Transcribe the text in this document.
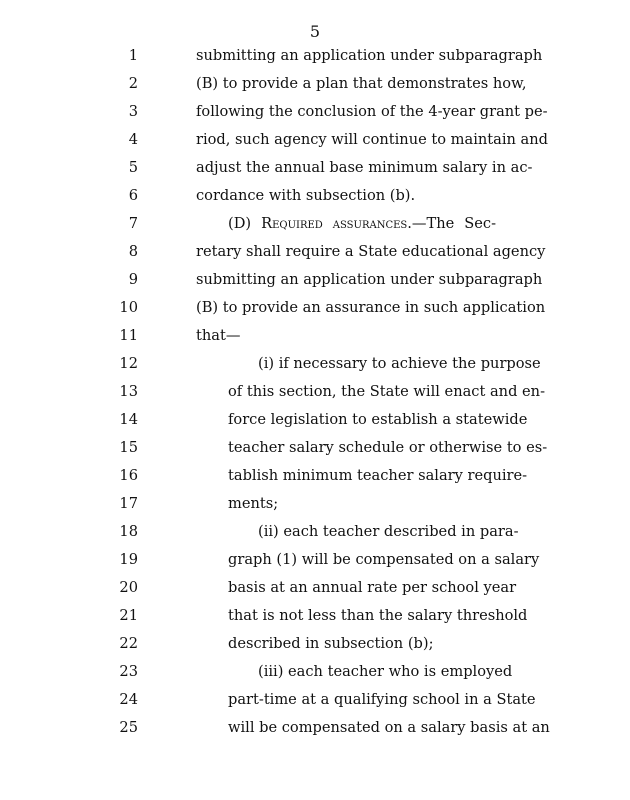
5
1	submitting an application under subparagraph
2	(B) to provide a plan that demonstrates how,
3	following the conclusion of the 4-year grant pe-
4	riod, such agency will continue to maintain and
5	adjust the annual base minimum salary in ac-
6	cordance with subsection (b).
7	(D) Required assurances.—The Sec-
8	retary shall require a State educational agency
9	submitting an application under subparagraph
10	(B) to provide an assurance in such application
11	that—
12	(i) if necessary to achieve the purpose
13	of this section, the State will enact and en-
14	force legislation to establish a statewide
15	teacher salary schedule or otherwise to es-
16	tablish minimum teacher salary require-
17	ments;
18	(ii) each teacher described in para-
19	graph (1) will be compensated on a salary
20	basis at an annual rate per school year
21	that is not less than the salary threshold
22	described in subsection (b);
23	(iii) each teacher who is employed
24	part-time at a qualifying school in a State
25	will be compensated on a salary basis at an
